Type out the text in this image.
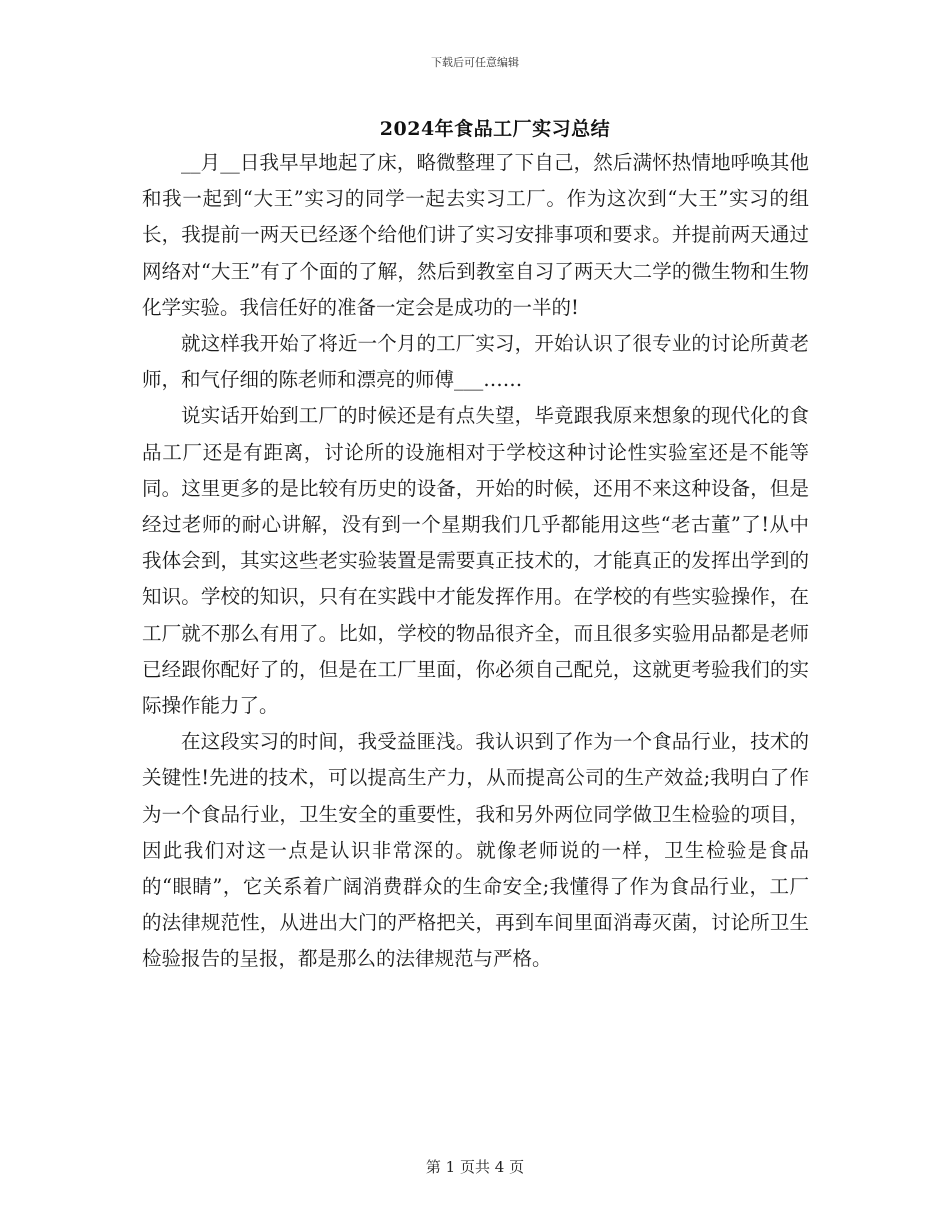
下载后可任意编辑
2024年食品工厂实习总结

__月__日我早早地起了床，略微整理了下自己，然后满怀热情地呼唤其他和我一起到“大王”实习的同学一起去实习工厂。作为这次到“大王”实习的组长，我提前一两天已经逐个给他们讲了实习安排事项和要求。并提前两天通过网络对“大王”有了个面的了解，然后到教室自习了两天大二学的微生物和生物化学实验。我信任好的准备一定会是成功的一半的!

就这样我开始了将近一个月的工厂实习，开始认识了很专业的讨论所黄老师，和气仔细的陈老师和漂亮的师傅___……

说实话开始到工厂的时候还是有点失望，毕竟跟我原来想象的现代化的食品工厂还是有距离，讨论所的设施相对于学校这种讨论性实验室还是不能等同。这里更多的是比较有历史的设备，开始的时候，还用不来这种设备，但是经过老师的耐心讲解，没有到一个星期我们几乎都能用这些“老古董”了!从中我体会到，其实这些老实验装置是需要真正技术的，才能真正的发挥出学到的知识。学校的知识，只有在实践中才能发挥作用。在学校的有些实验操作，在工厂就不那么有用了。比如，学校的物品很齐全，而且很多实验用品都是老师已经跟你配好了的，但是在工厂里面，你必须自己配兑，这就更考验我们的实际操作能力了。

在这段实习的时间，我受益匪浅。我认识到了作为一个食品行业，技术的关键性!先进的技术，可以提高生产力，从而提高公司的生产效益;我明白了作为一个食品行业，卫生安全的重要性，我和另外两位同学做卫生检验的项目，因此我们对这一点是认识非常深的。就像老师说的一样，卫生检验是食品的“眼睛”，它关系着广阔消费群众的生命安全;我懂得了作为食品行业，工厂的法律规范性，从进出大门的严格把关，再到车间里面消毒灭菌，讨论所卫生检验报告的呈报，都是那么的法律规范与严格。

第 1 页共 4 页
